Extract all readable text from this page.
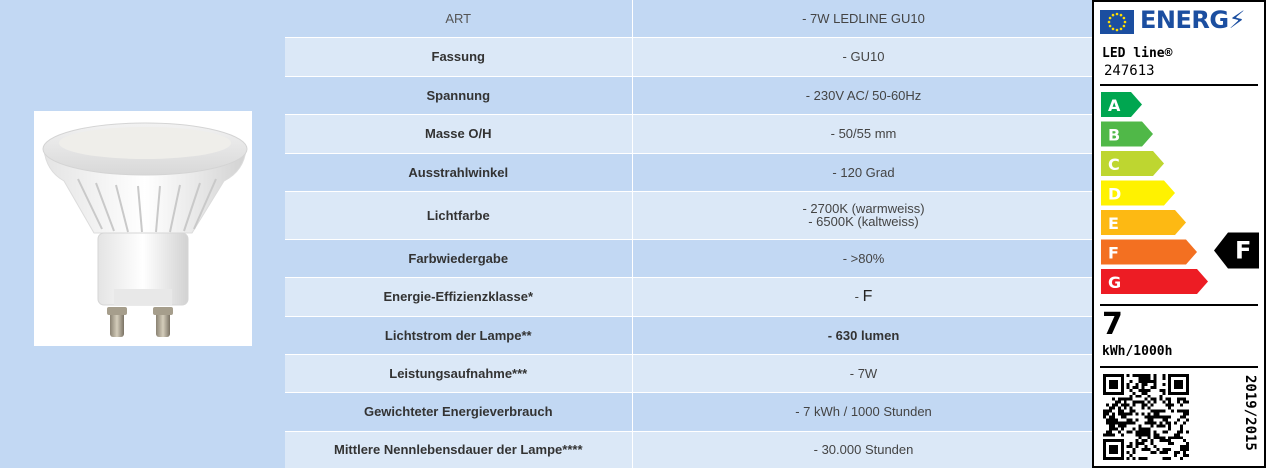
ART	- 7W LEDLINE GU10
Fassung	- GU10
Spannung	- 230V AC/ 50-60Hz
Masse O/H	- 50/55 mm
Ausstrahlwinkel	- 120 Grad
Lichtfarbe	- 2700K (warmweiss)
- 6500K (kaltweiss)

Farbwiedergabe	- >80%
Energie-Effizienzklasse*	- F
Lichtstrom der Lampe**	- 630 lumen
Leistungsaufnahme***	- 7W
Gewichteter Energieverbrauch	- 7 kWh / 1000 Stunden
Mittlere Nennlebensdauer der Lampe****	- 30.000 Stunden
ENERG⚡
LED line®
247613
A
B
C
D
E
F
G
F
7
kWh/1000h
2019/2015
